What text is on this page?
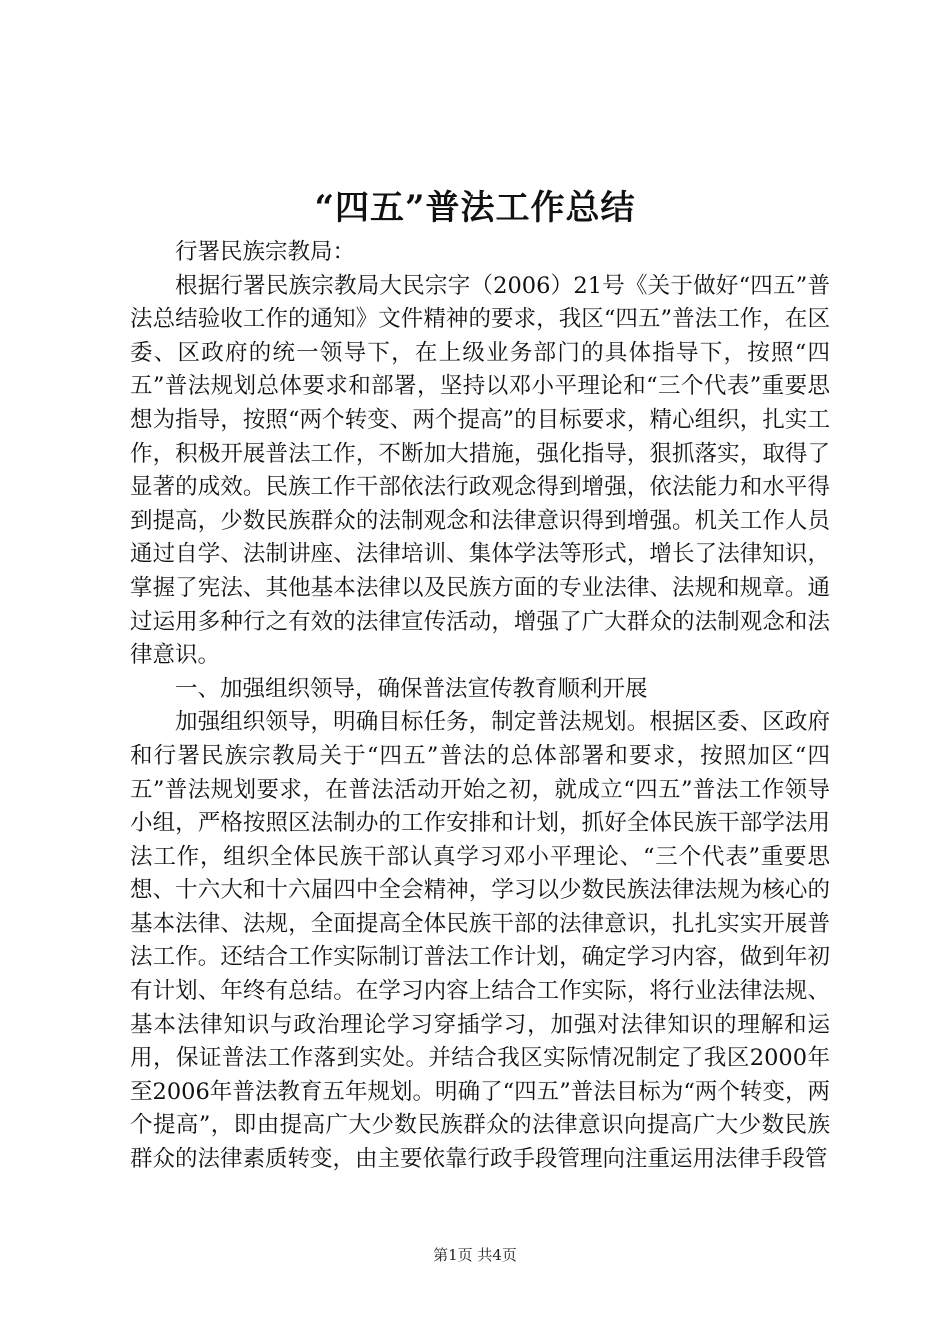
“四五”普法工作总结

行署民族宗教局：

根据行署民族宗教局大民宗字（2006）21号《关于做好“四五”普法总结验收工作的通知》文件精神的要求，我区“四五”普法工作，在区委、区政府的统一领导下，在上级业务部门的具体指导下，按照“四五”普法规划总体要求和部署，坚持以邓小平理论和“三个代表”重要思想为指导，按照“两个转变、两个提高”的目标要求，精心组织，扎实工作，积极开展普法工作，不断加大措施，强化指导，狠抓落实，取得了显著的成效。民族工作干部依法行政观念得到增强，依法能力和水平得到提高，少数民族群众的法制观念和法律意识得到增强。机关工作人员通过自学、法制讲座、法律培训、集体学法等形式，增长了法律知识，掌握了宪法、其他基本法律以及民族方面的专业法律、法规和规章。通过运用多种行之有效的法律宣传活动，增强了广大群众的法制观念和法律意识。

一、加强组织领导，确保普法宣传教育顺利开展

加强组织领导，明确目标任务，制定普法规划。根据区委、区政府和行署民族宗教局关于“四五”普法的总体部署和要求，按照加区“四五”普法规划要求，在普法活动开始之初，就成立“四五”普法工作领导小组，严格按照区法制办的工作安排和计划，抓好全体民族干部学法用法工作，组织全体民族干部认真学习邓小平理论、“三个代表”重要思想、十六大和十六届四中全会精神，学习以少数民族法律法规为核心的基本法律、法规，全面提高全体民族干部的法律意识，扎扎实实开展普法工作。还结合工作实际制订普法工作计划，确定学习内容，做到年初有计划、年终有总结。在学习内容上结合工作实际，将行业法律法规、基本法律知识与政治理论学习穿插学习，加强对法律知识的理解和运用，保证普法工作落到实处。并结合我区实际情况制定了我区2000年至2006年普法教育五年规划。明确了“四五”普法目标为“两个转变，两个提高”，即由提高广大少数民族群众的法律意识向提高广大少数民族群众的法律素质转变，由主要依靠行政手段管理向注重运用法律手段管

第1页 共4页
